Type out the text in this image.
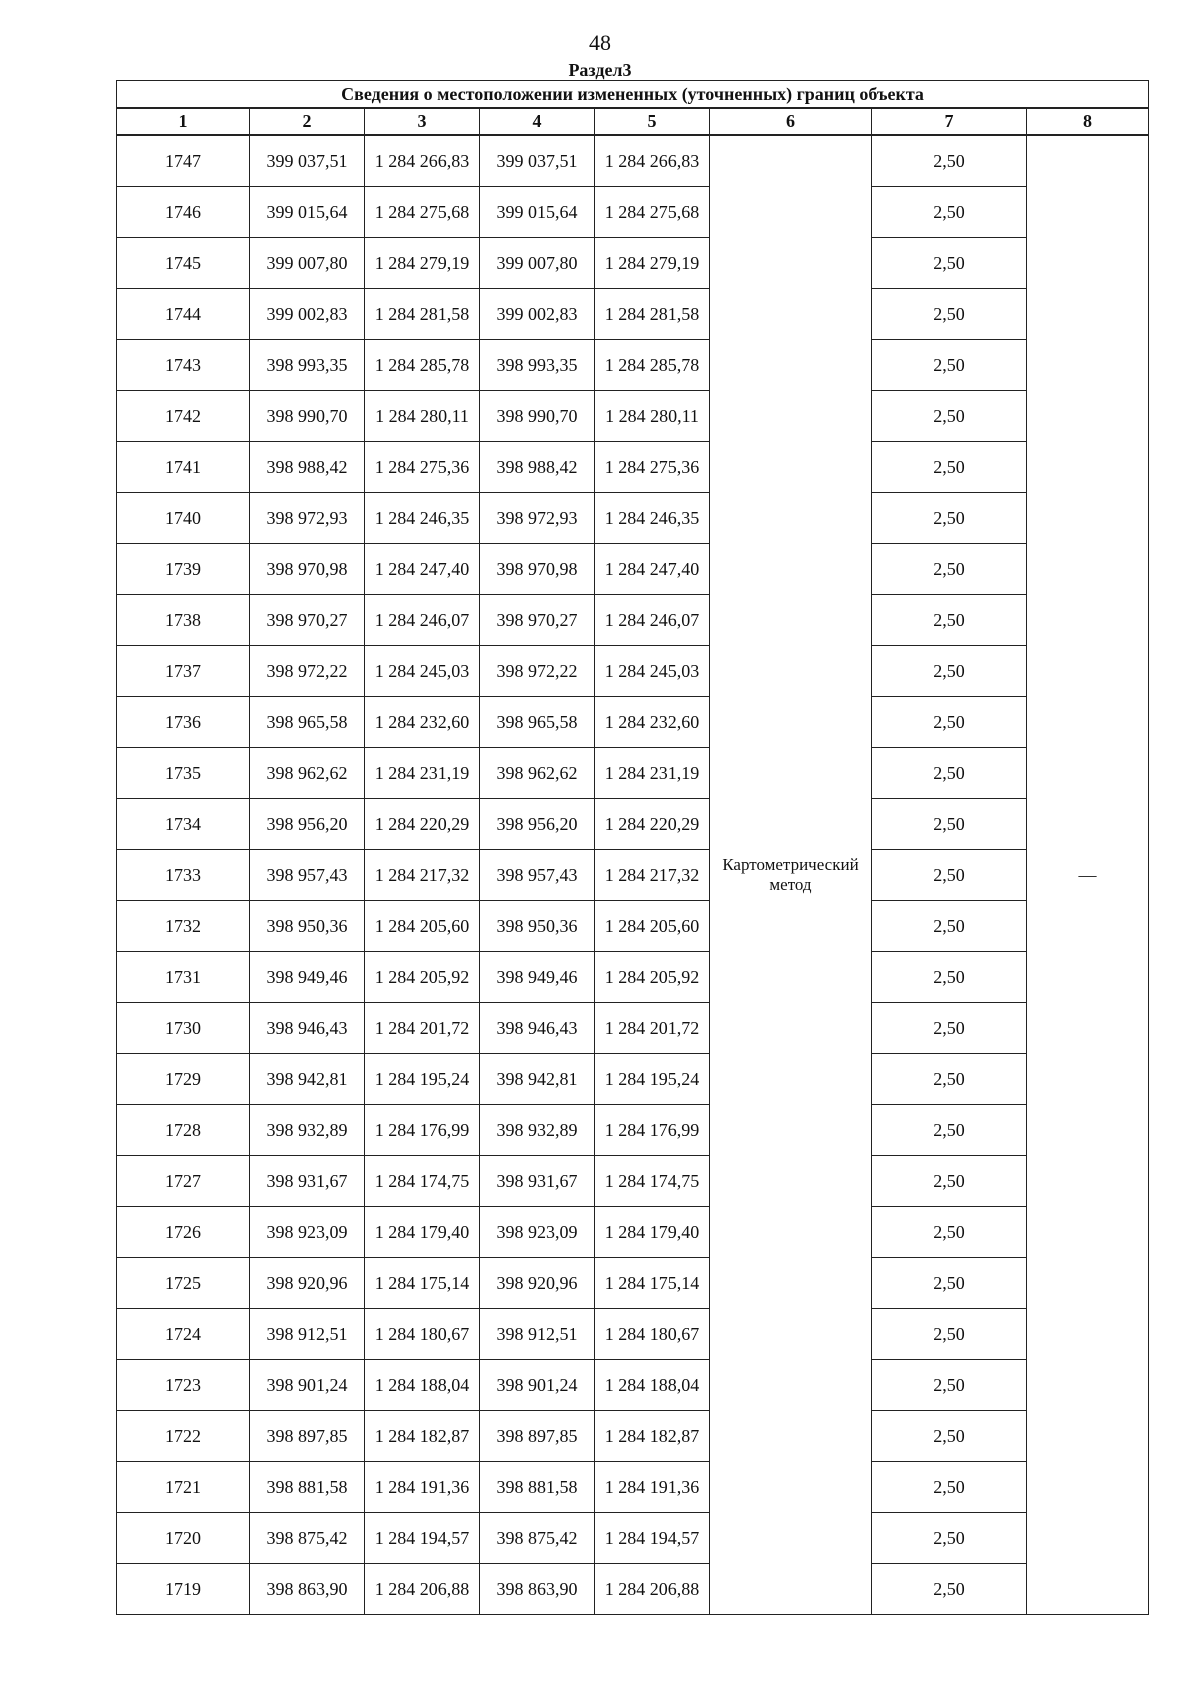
48
Раздел3
Сведения о местоположении измененных (уточненных) границ объекта							
1	2	3	4	5	6	7	8
1747	399 037,51	1 284 266,83	399 037,51	1 284 266,83	Картометрический метод	2,50	—
1746	399 015,64	1 284 275,68	399 015,64	1 284 275,68		2,50	
1745	399 007,80	1 284 279,19	399 007,80	1 284 279,19		2,50	
1744	399 002,83	1 284 281,58	399 002,83	1 284 281,58		2,50	
1743	398 993,35	1 284 285,78	398 993,35	1 284 285,78		2,50	
1742	398 990,70	1 284 280,11	398 990,70	1 284 280,11		2,50	
1741	398 988,42	1 284 275,36	398 988,42	1 284 275,36		2,50	
1740	398 972,93	1 284 246,35	398 972,93	1 284 246,35		2,50	
1739	398 970,98	1 284 247,40	398 970,98	1 284 247,40		2,50	
1738	398 970,27	1 284 246,07	398 970,27	1 284 246,07		2,50	
1737	398 972,22	1 284 245,03	398 972,22	1 284 245,03		2,50	
1736	398 965,58	1 284 232,60	398 965,58	1 284 232,60		2,50	
1735	398 962,62	1 284 231,19	398 962,62	1 284 231,19		2,50	
1734	398 956,20	1 284 220,29	398 956,20	1 284 220,29		2,50	
1733	398 957,43	1 284 217,32	398 957,43	1 284 217,32		2,50	
1732	398 950,36	1 284 205,60	398 950,36	1 284 205,60		2,50	
1731	398 949,46	1 284 205,92	398 949,46	1 284 205,92		2,50	
1730	398 946,43	1 284 201,72	398 946,43	1 284 201,72		2,50	
1729	398 942,81	1 284 195,24	398 942,81	1 284 195,24		2,50	
1728	398 932,89	1 284 176,99	398 932,89	1 284 176,99		2,50	
1727	398 931,67	1 284 174,75	398 931,67	1 284 174,75		2,50	
1726	398 923,09	1 284 179,40	398 923,09	1 284 179,40		2,50	
1725	398 920,96	1 284 175,14	398 920,96	1 284 175,14		2,50	
1724	398 912,51	1 284 180,67	398 912,51	1 284 180,67		2,50	
1723	398 901,24	1 284 188,04	398 901,24	1 284 188,04		2,50	
1722	398 897,85	1 284 182,87	398 897,85	1 284 182,87		2,50	
1721	398 881,58	1 284 191,36	398 881,58	1 284 191,36		2,50	
1720	398 875,42	1 284 194,57	398 875,42	1 284 194,57		2,50	
1719	398 863,90	1 284 206,88	398 863,90	1 284 206,88		2,50	
